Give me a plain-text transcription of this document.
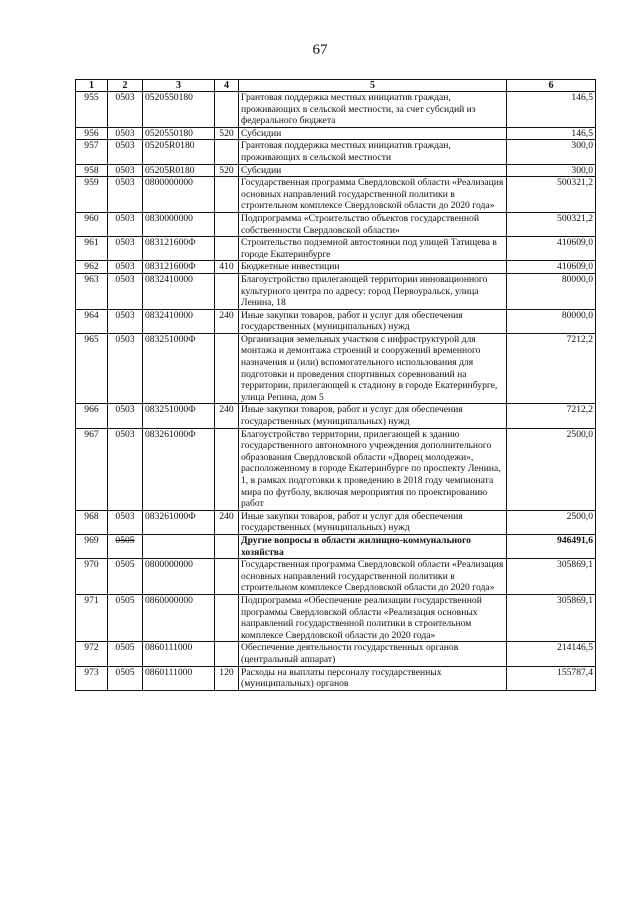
67
1	2	3	4	5	6
955	0503	0520550180		Грантовая поддержка местных инициатив граждан, проживающих в сельской местности, за счет субсидий из федерального бюджета	146,5
956	0503	0520550180	520	Субсидии	146,5
957	0503	05205R0180		Грантовая поддержка местных инициатив граждан, проживающих в сельской местности	300,0
958	0503	05205R0180	520	Субсидии	300,0
959	0503	0800000000		Государственная программа Свердловской области «Реализация основных направлений государственной политики в строительном комплексе Свердловской области до 2020 года»	500321,2
960	0503	0830000000		Подпрограмма «Строительство объектов государственной собственности Свердловской области»	500321,2
961	0503	083121600Ф		Строительство подземной автостоянки под улицей Татищева в городе Екатеринбурге	410609,0
962	0503	083121600Ф	410	Бюджетные инвестиции	410609,0
963	0503	0832410000		Благоустройство прилегающей территории инновационного культурного центра по адресу: город Первоуральск, улица Ленина, 18	80000,0
964	0503	0832410000	240	Иные закупки товаров, работ и услуг для обеспечения государственных (муниципальных) нужд	80000,0
965	0503	083251000Ф		Организация земельных участков с инфраструктурой для монтажа и демонтажа строений и сооружений временного назначения и (или) вспомогательного использования для подготовки и проведения спортивных соревнований на территории, прилегающей к стадиону в городе Екатеринбурге, улица Репина, дом 5	7212,2
966	0503	083251000Ф	240	Иные закупки товаров, работ и услуг для обеспечения государственных (муниципальных) нужд	7212,2
967	0503	083261000Ф		Благоустройство территории, прилегающей к зданию государственного автономного учреждения дополнительного образования Свердловской области «Дворец молодежи», расположенному в городе Екатеринбурге по проспекту Ленина, 1, в рамках подготовки к проведению в 2018 году чемпионата мира по футболу, включая мероприятия по проектированию работ	2500,0
968	0503	083261000Ф	240	Иные закупки товаров, работ и услуг для обеспечения государственных (муниципальных) нужд	2500,0
969	0505			Другие вопросы в области жилищно-коммунального хозяйства	946491,6
970	0505	0800000000		Государственная программа Свердловской области «Реализация основных направлений государственной политики в строительном комплексе Свердловской области до 2020 года»	305869,1
971	0505	0860000000		Подпрограмма «Обеспечение реализации государственной программы Свердловской области «Реализация основных направлений государственной политики в строительном комплексе Свердловской области до 2020 года»	305869,1
972	0505	0860111000		Обеспечение деятельности государственных органов (центральный аппарат)	214146,5
973	0505	0860111000	120	Расходы на выплаты персоналу государственных (муниципальных) органов	155787,4
